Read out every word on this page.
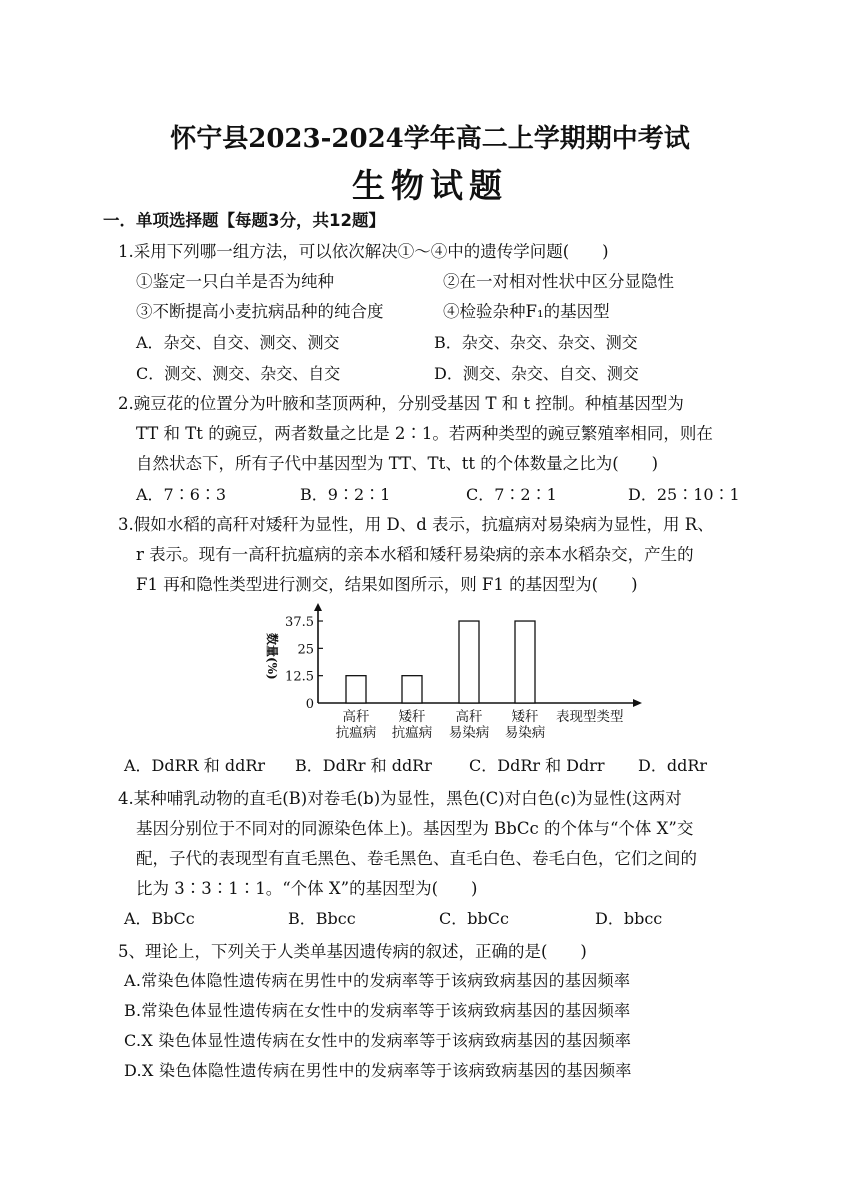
怀宁县2023-2024学年高二上学期期中考试
生物试题
一．单项选择题【每题3分，共12题】
1.采用下列哪一组方法，可以依次解决①～④中的遗传学问题(　　)
①鉴定一只白羊是否为纯种	②在一对相对性状中区分显隐性
③不断提高小麦抗病品种的纯合度	④检验杂种F₁的基因型
A．杂交、自交、测交、测交	B．杂交、杂交、杂交、测交
C．测交、测交、杂交、自交	D．测交、杂交、自交、测交
2.豌豆花的位置分为叶腋和茎顶两种，分别受基因 T 和 t 控制。种植基因型为
TT 和 Tt 的豌豆，两者数量之比是 2∶1。若两种类型的豌豆繁殖率相同，则在
自然状态下，所有子代中基因型为 TT、Tt、tt 的个体数量之比为(　　)
A．7∶6∶3	B．9∶2∶1	C．7∶2∶1	D．25∶10∶1
3.假如水稻的高秆对矮秆为显性，用 D、d 表示，抗瘟病对易染病为显性，用 R、
r 表示。现有一高秆抗瘟病的亲本水稻和矮秆易染病的亲本水稻杂交，产生的
F1 再和隐性类型进行测交，结果如图所示，则 F1 的基因型为(　　)
37.5
25
12.5
0
数量(%)
高秆
抗瘟病
矮秆
抗瘟病
高秆
易染病
矮秆
易染病
表现型类型
A．DdRR 和 ddRr B．DdRr 和 ddRr C．DdRr 和 Ddrr D．ddRr
4.某种哺乳动物的直毛(B)对卷毛(b)为显性，黑色(C)对白色(c)为显性(这两对
基因分别位于不同对的同源染色体上)。基因型为 BbCc 的个体与“个体 X”交
配，子代的表现型有直毛黑色、卷毛黑色、直毛白色、卷毛白色，它们之间的
比为 3∶3∶1∶1。“个体 X”的基因型为(　　)
A．BbCc	B．Bbcc	C．bbCc	D．bbcc
5、理论上，下列关于人类单基因遗传病的叙述，正确的是(　　)
A.常染色体隐性遗传病在男性中的发病率等于该病致病基因的基因频率
B.常染色体显性遗传病在女性中的发病率等于该病致病基因的基因频率
C.X 染色体显性遗传病在女性中的发病率等于该病致病基因的基因频率
D.X 染色体隐性遗传病在男性中的发病率等于该病致病基因的基因频率
